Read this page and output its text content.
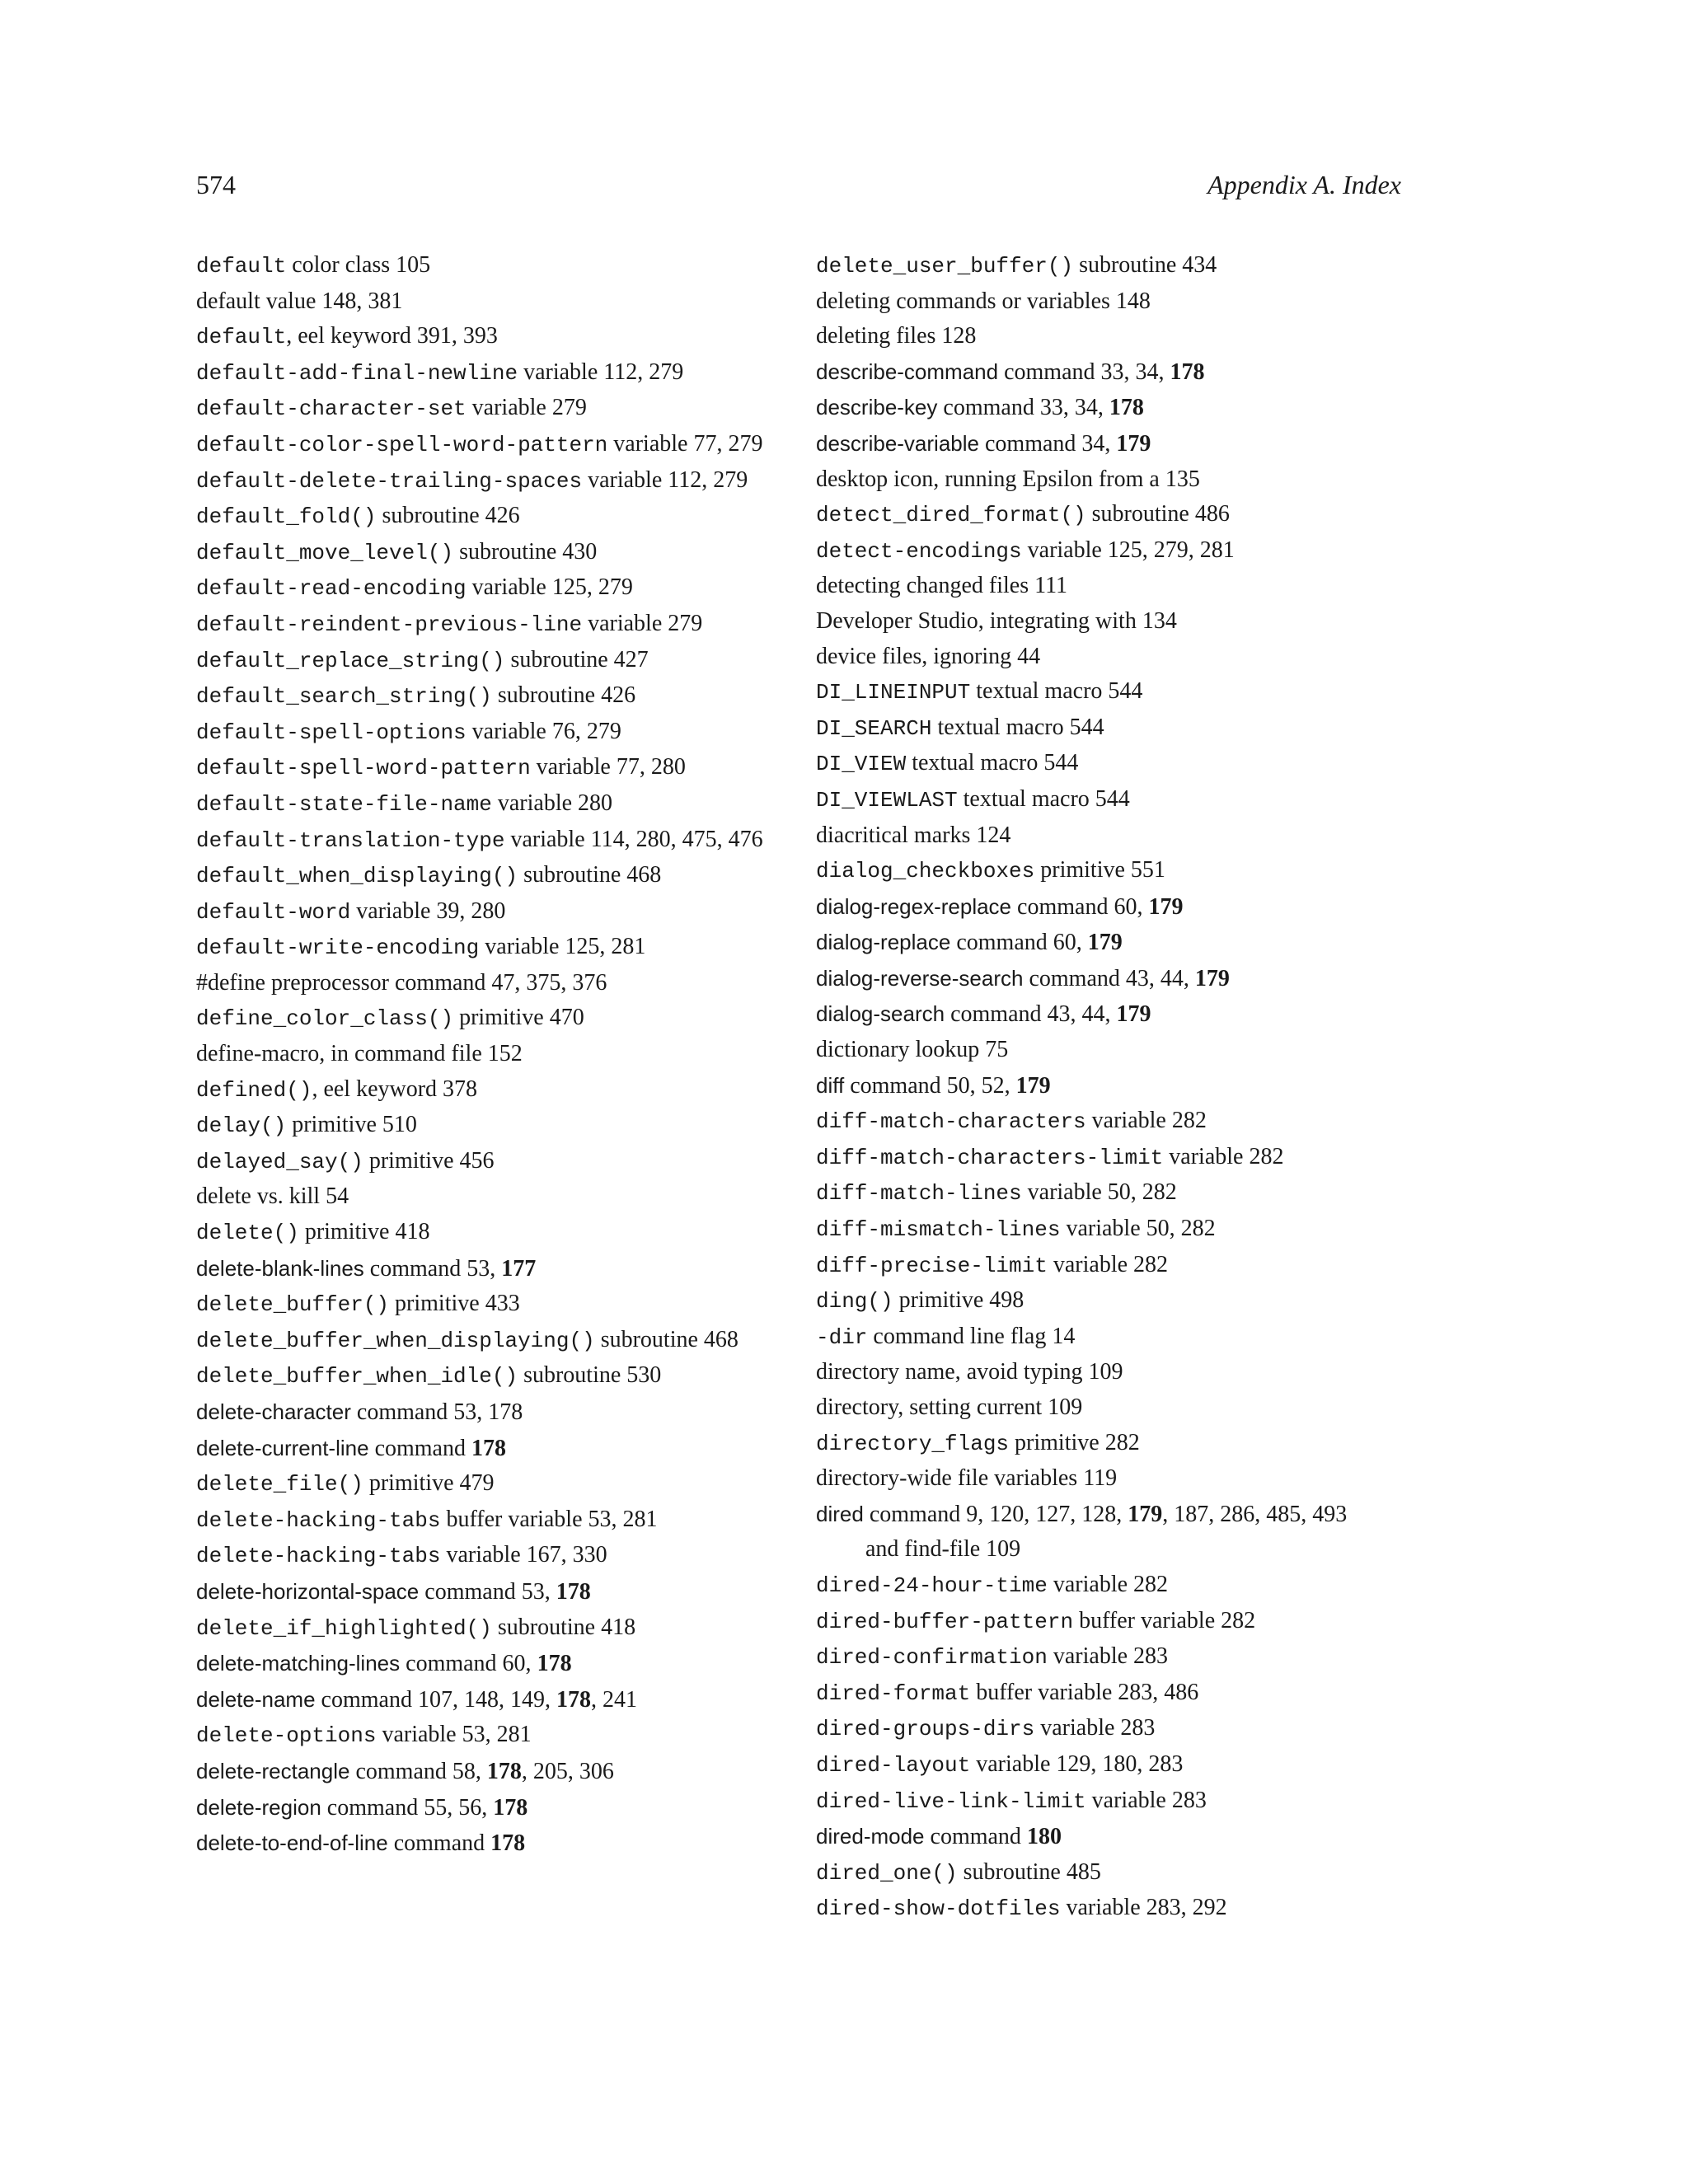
574	Appendix A. Index
default color class 105
default value 148, 381
default, eel keyword 391, 393
default-add-final-newline variable 112, 279
default-character-set variable 279
default-color-spell-word-pattern variable 77, 279
default-delete-trailing-spaces variable 112, 279
default_fold() subroutine 426
default_move_level() subroutine 430
default-read-encoding variable 125, 279
default-reindent-previous-line variable 279
default_replace_string() subroutine 427
default_search_string() subroutine 426
default-spell-options variable 76, 279
default-spell-word-pattern variable 77, 280
default-state-file-name variable 280
default-translation-type variable 114, 280, 475, 476
default_when_displaying() subroutine 468
default-word variable 39, 280
default-write-encoding variable 125, 281
#define preprocessor command 47, 375, 376
define_color_class() primitive 470
define-macro, in command file 152
defined(), eel keyword 378
delay() primitive 510
delayed_say() primitive 456
delete vs. kill 54
delete() primitive 418
delete-blank-lines command 53, 177
delete_buffer() primitive 433
delete_buffer_when_displaying() subroutine 468
delete_buffer_when_idle() subroutine 530
delete-character command 53, 178
delete-current-line command 178
delete_file() primitive 479
delete-hacking-tabs buffer variable 53, 281
delete-hacking-tabs variable 167, 330
delete-horizontal-space command 53, 178
delete_if_highlighted() subroutine 418
delete-matching-lines command 60, 178
delete-name command 107, 148, 149, 178, 241
delete-options variable 53, 281
delete-rectangle command 58, 178, 205, 306
delete-region command 55, 56, 178
delete-to-end-of-line command 178
delete_user_buffer() subroutine 434
deleting commands or variables 148
deleting files 128
describe-command command 33, 34, 178
describe-key command 33, 34, 178
describe-variable command 34, 179
desktop icon, running Epsilon from a 135
detect_dired_format() subroutine 486
detect-encodings variable 125, 279, 281
detecting changed files 111
Developer Studio, integrating with 134
device files, ignoring 44
DI_LINEINPUT textual macro 544
DI_SEARCH textual macro 544
DI_VIEW textual macro 544
DI_VIEWLAST textual macro 544
diacritical marks 124
dialog_checkboxes primitive 551
dialog-regex-replace command 60, 179
dialog-replace command 60, 179
dialog-reverse-search command 43, 44, 179
dialog-search command 43, 44, 179
dictionary lookup 75
diff command 50, 52, 179
diff-match-characters variable 282
diff-match-characters-limit variable 282
diff-match-lines variable 50, 282
diff-mismatch-lines variable 50, 282
diff-precise-limit variable 282
ding() primitive 498
-dir command line flag 14
directory name, avoid typing 109
directory, setting current 109
directory_flags primitive 282
directory-wide file variables 119
dired command 9, 120, 127, 128, 179, 187, 286, 485, 493
and find-file 109
dired-24-hour-time variable 282
dired-buffer-pattern buffer variable 282
dired-confirmation variable 283
dired-format buffer variable 283, 486
dired-groups-dirs variable 283
dired-layout variable 129, 180, 283
dired-live-link-limit variable 283
dired-mode command 180
dired_one() subroutine 485
dired-show-dotfiles variable 283, 292
